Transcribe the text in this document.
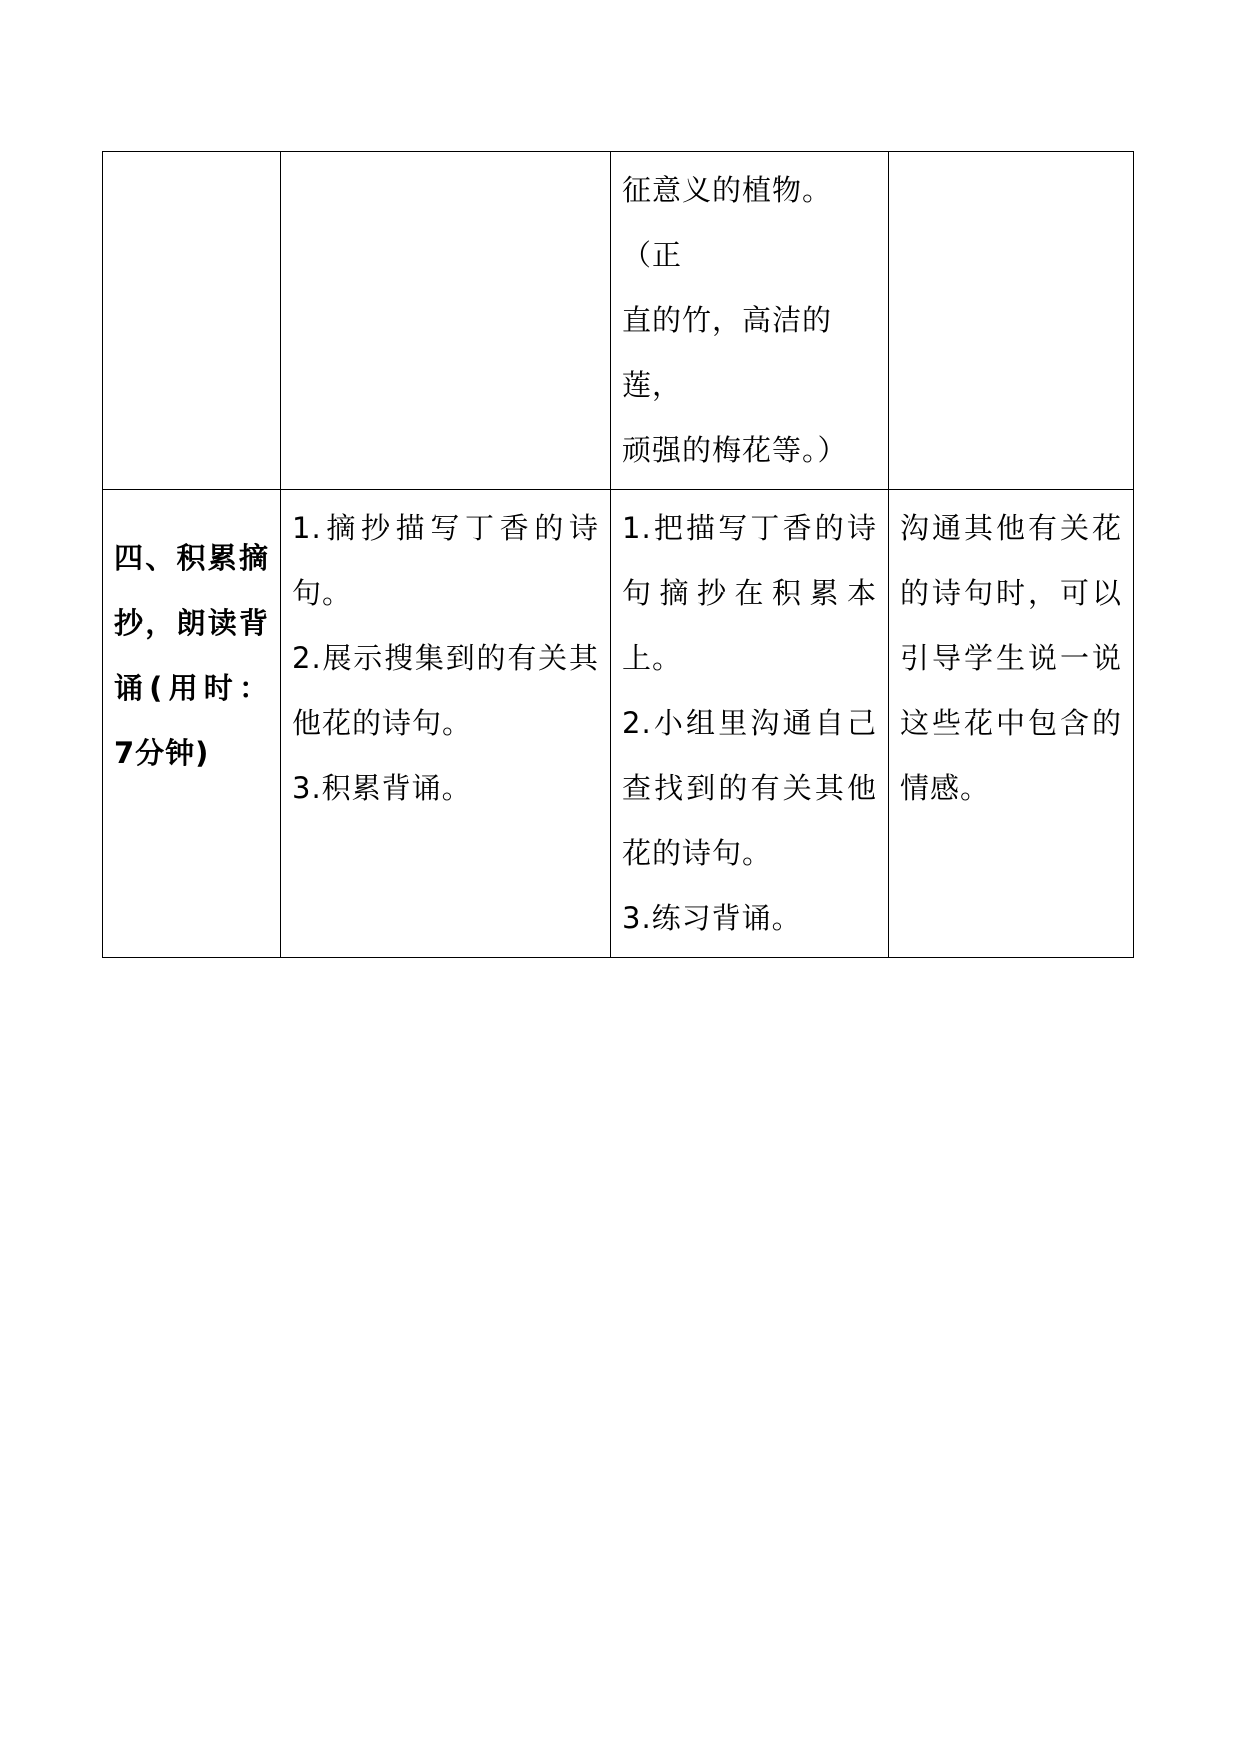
		征意义的植物。（正
直的竹，高洁的莲，
顽强的梅花等。）	

四、积累摘抄，朗读背诵(用时：7分钟)	1.摘抄描写丁香的诗句。
2.展示搜集到的有关其他花的诗句。
3.积累背诵。	1.把描写丁香的诗句摘抄在积累本上。
2.小组里沟通自己查找到的有关其他花的诗句。
3.练习背诵。	沟通其他有关花的诗句时，可以引导学生说一说这些花中包含的情感。
